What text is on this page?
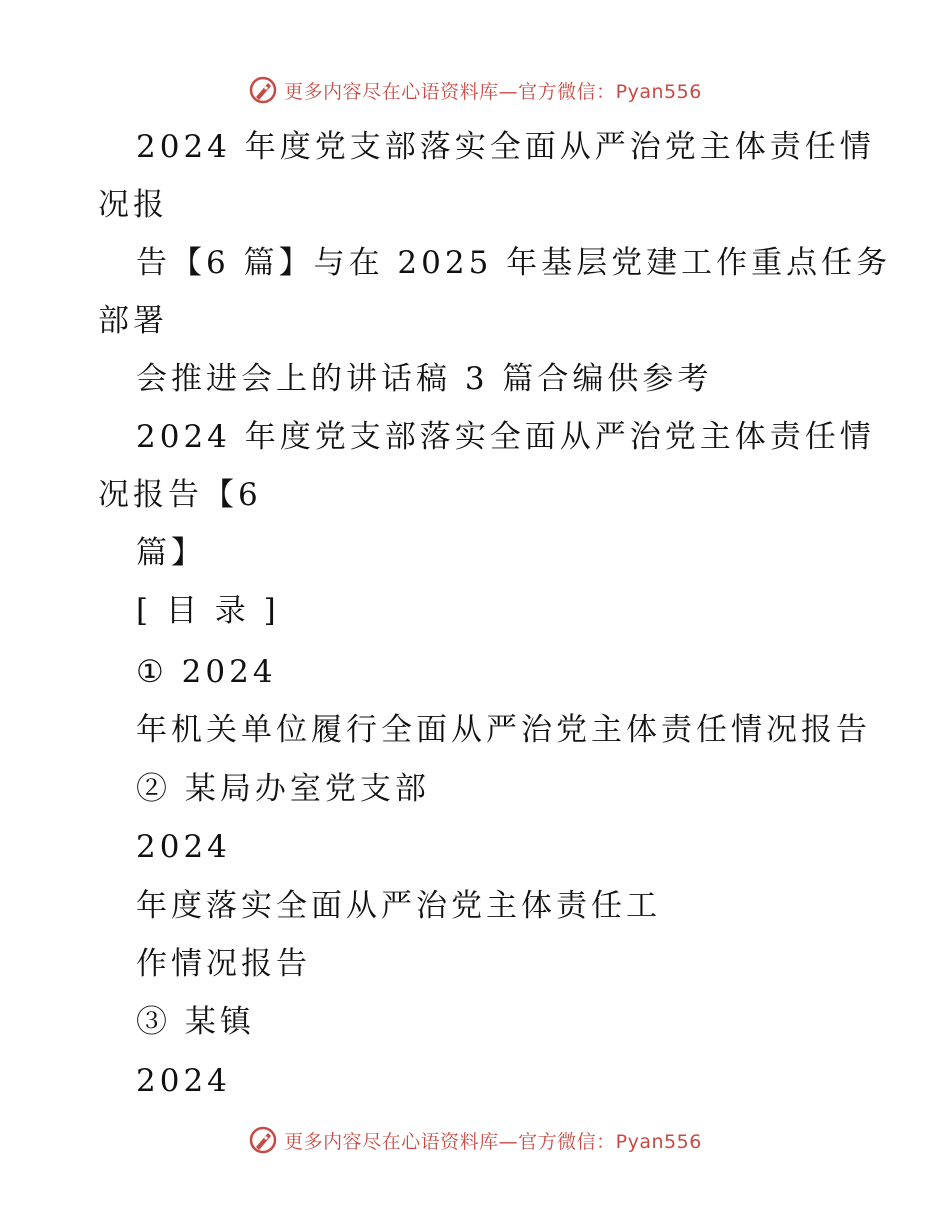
更多内容尽在心语资料库—官方微信：Pyan556
2024 年度党支部落实全面从严治党主体责任情
况报
告【6 篇】与在 2025 年基层党建工作重点任务
部署
会推进会上的讲话稿 3 篇合编供参考
2024 年度党支部落实全面从严治党主体责任情
况报告【6
篇】
[ 目 录 ]
① 2024
年机关单位履行全面从严治党主体责任情况报告
② 某局办室党支部
2024
年度落实全面从严治党主体责任工
作情况报告
③ 某镇
2024
更多内容尽在心语资料库—官方微信：Pyan556
